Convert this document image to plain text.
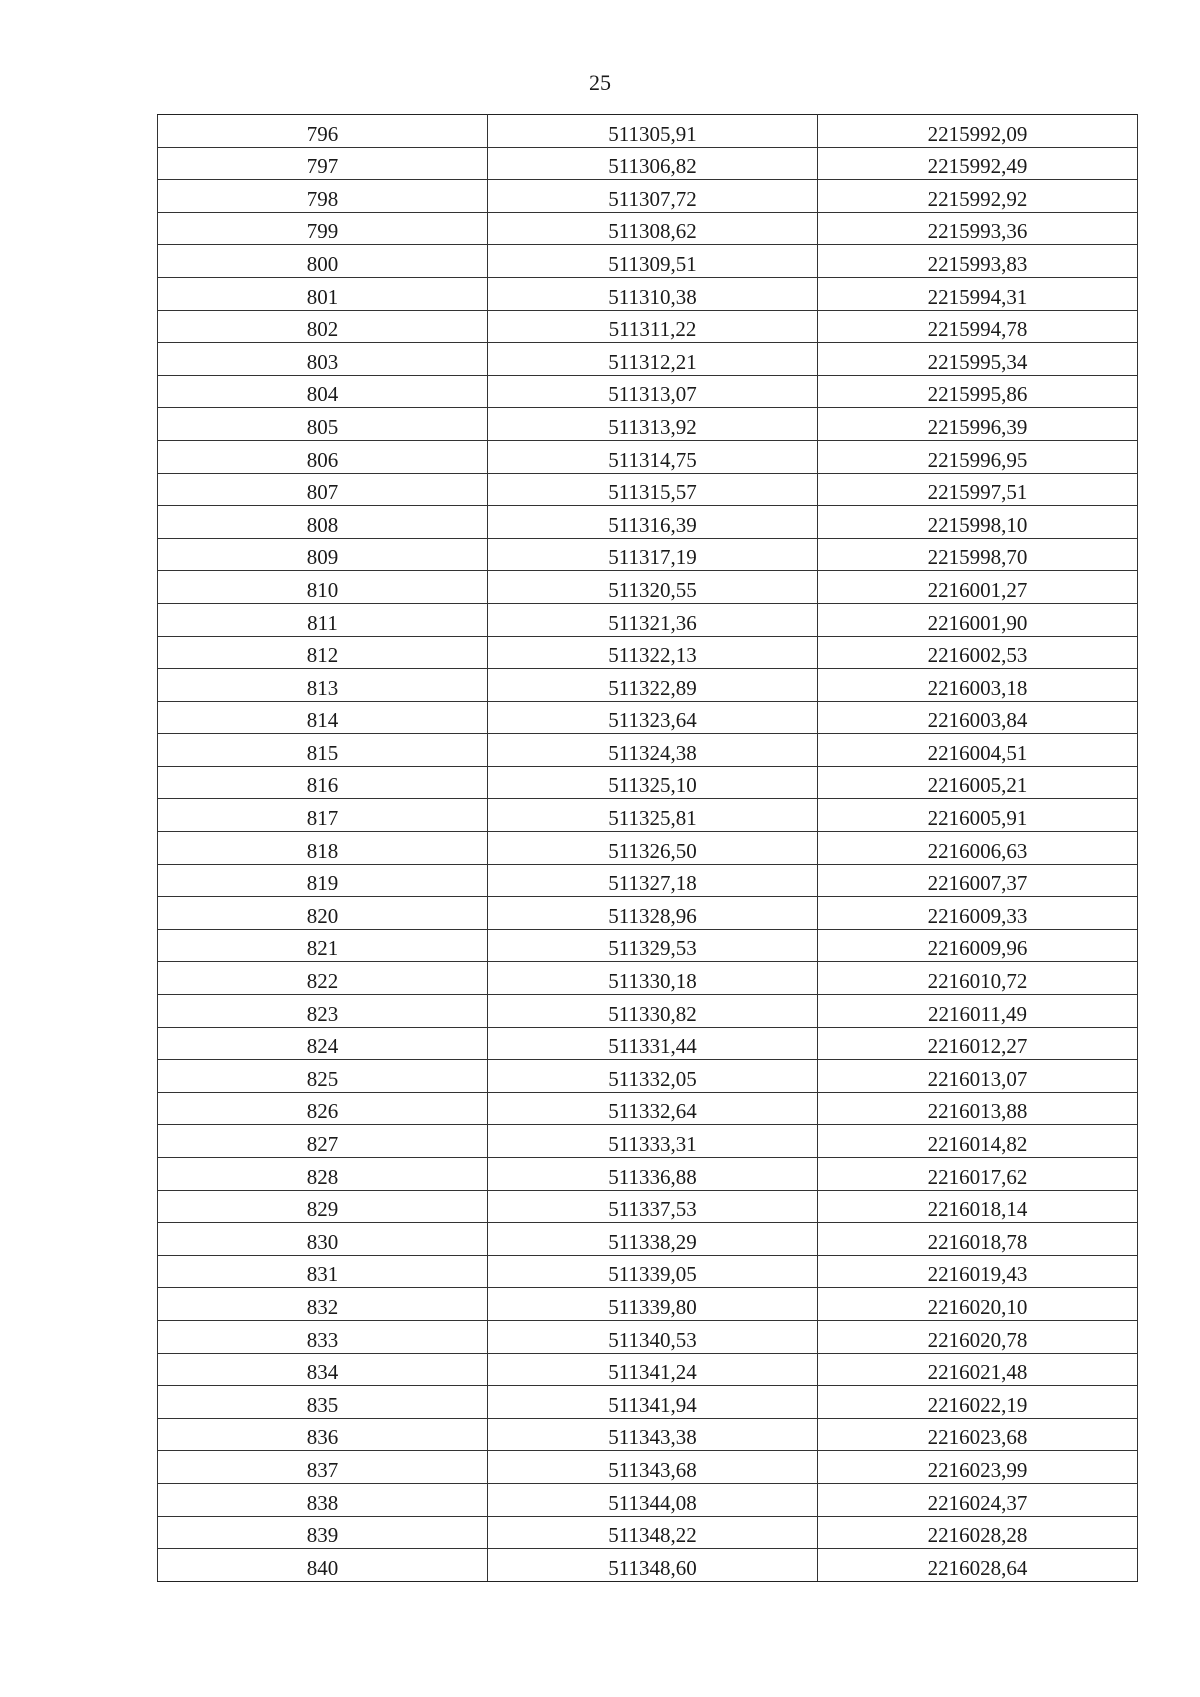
25
796	511305,91	2215992,09
797	511306,82	2215992,49
798	511307,72	2215992,92
799	511308,62	2215993,36
800	511309,51	2215993,83
801	511310,38	2215994,31
802	511311,22	2215994,78
803	511312,21	2215995,34
804	511313,07	2215995,86
805	511313,92	2215996,39
806	511314,75	2215996,95
807	511315,57	2215997,51
808	511316,39	2215998,10
809	511317,19	2215998,70
810	511320,55	2216001,27
811	511321,36	2216001,90
812	511322,13	2216002,53
813	511322,89	2216003,18
814	511323,64	2216003,84
815	511324,38	2216004,51
816	511325,10	2216005,21
817	511325,81	2216005,91
818	511326,50	2216006,63
819	511327,18	2216007,37
820	511328,96	2216009,33
821	511329,53	2216009,96
822	511330,18	2216010,72
823	511330,82	2216011,49
824	511331,44	2216012,27
825	511332,05	2216013,07
826	511332,64	2216013,88
827	511333,31	2216014,82
828	511336,88	2216017,62
829	511337,53	2216018,14
830	511338,29	2216018,78
831	511339,05	2216019,43
832	511339,80	2216020,10
833	511340,53	2216020,78
834	511341,24	2216021,48
835	511341,94	2216022,19
836	511343,38	2216023,68
837	511343,68	2216023,99
838	511344,08	2216024,37
839	511348,22	2216028,28
840	511348,60	2216028,64
